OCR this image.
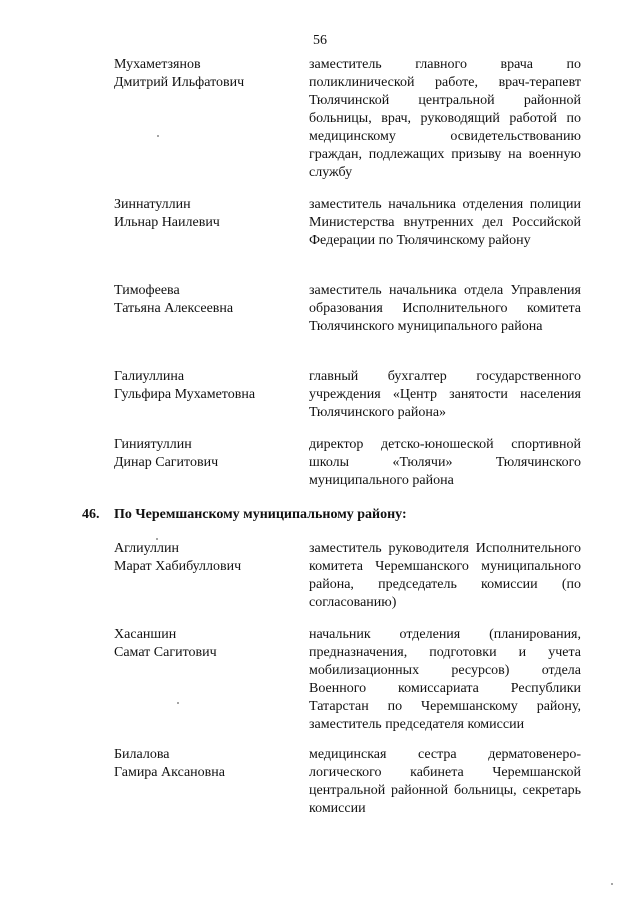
56
Мухаметзянов
Дмитрий Ильфатович
заместитель главного врача по поликлинической работе, врач-терапевт Тюлячинской центральной районной больницы, врач, руководящий работой по медицинскому освидетельствованию граждан, подлежащих призыву на военную службу
Зиннатуллин
Ильнар Наилевич
заместитель начальника отделения полиции Министерства внутренних дел Российской Федерации по Тюлячинскому району
Тимофеева
Татьяна Алексеевна
заместитель начальника отдела Управления образования Исполнительного комитета Тюлячинского муниципального района
Галиуллина
Гульфира Мухаметовна
главный бухгалтер государственного учреждения «Центр занятости населения Тюлячинского района»
Гиниятуллин
Динар Сагитович
директор детско-юношеской спортивной школы «Тюлячи» Тюлячинского муниципального района
46. По Черемшанскому муниципальному району:
Аглиуллин
Марат Хабибуллович
заместитель руководителя Исполнительного комитета Черемшанского муниципального района, председатель комиссии (по согласованию)
Хасаншин
Самат Сагитович
начальник отделения (планирования, предназначения, подготовки и учета мобилизационных ресурсов) отдела Военного комиссариата Республики Татарстан по Черемшанскому району, заместитель председателя комиссии
Билалова
Гамира Аксановна
медицинская сестра дерматовенерологического кабинета Черемшанской центральной районной больницы, секретарь комиссии
